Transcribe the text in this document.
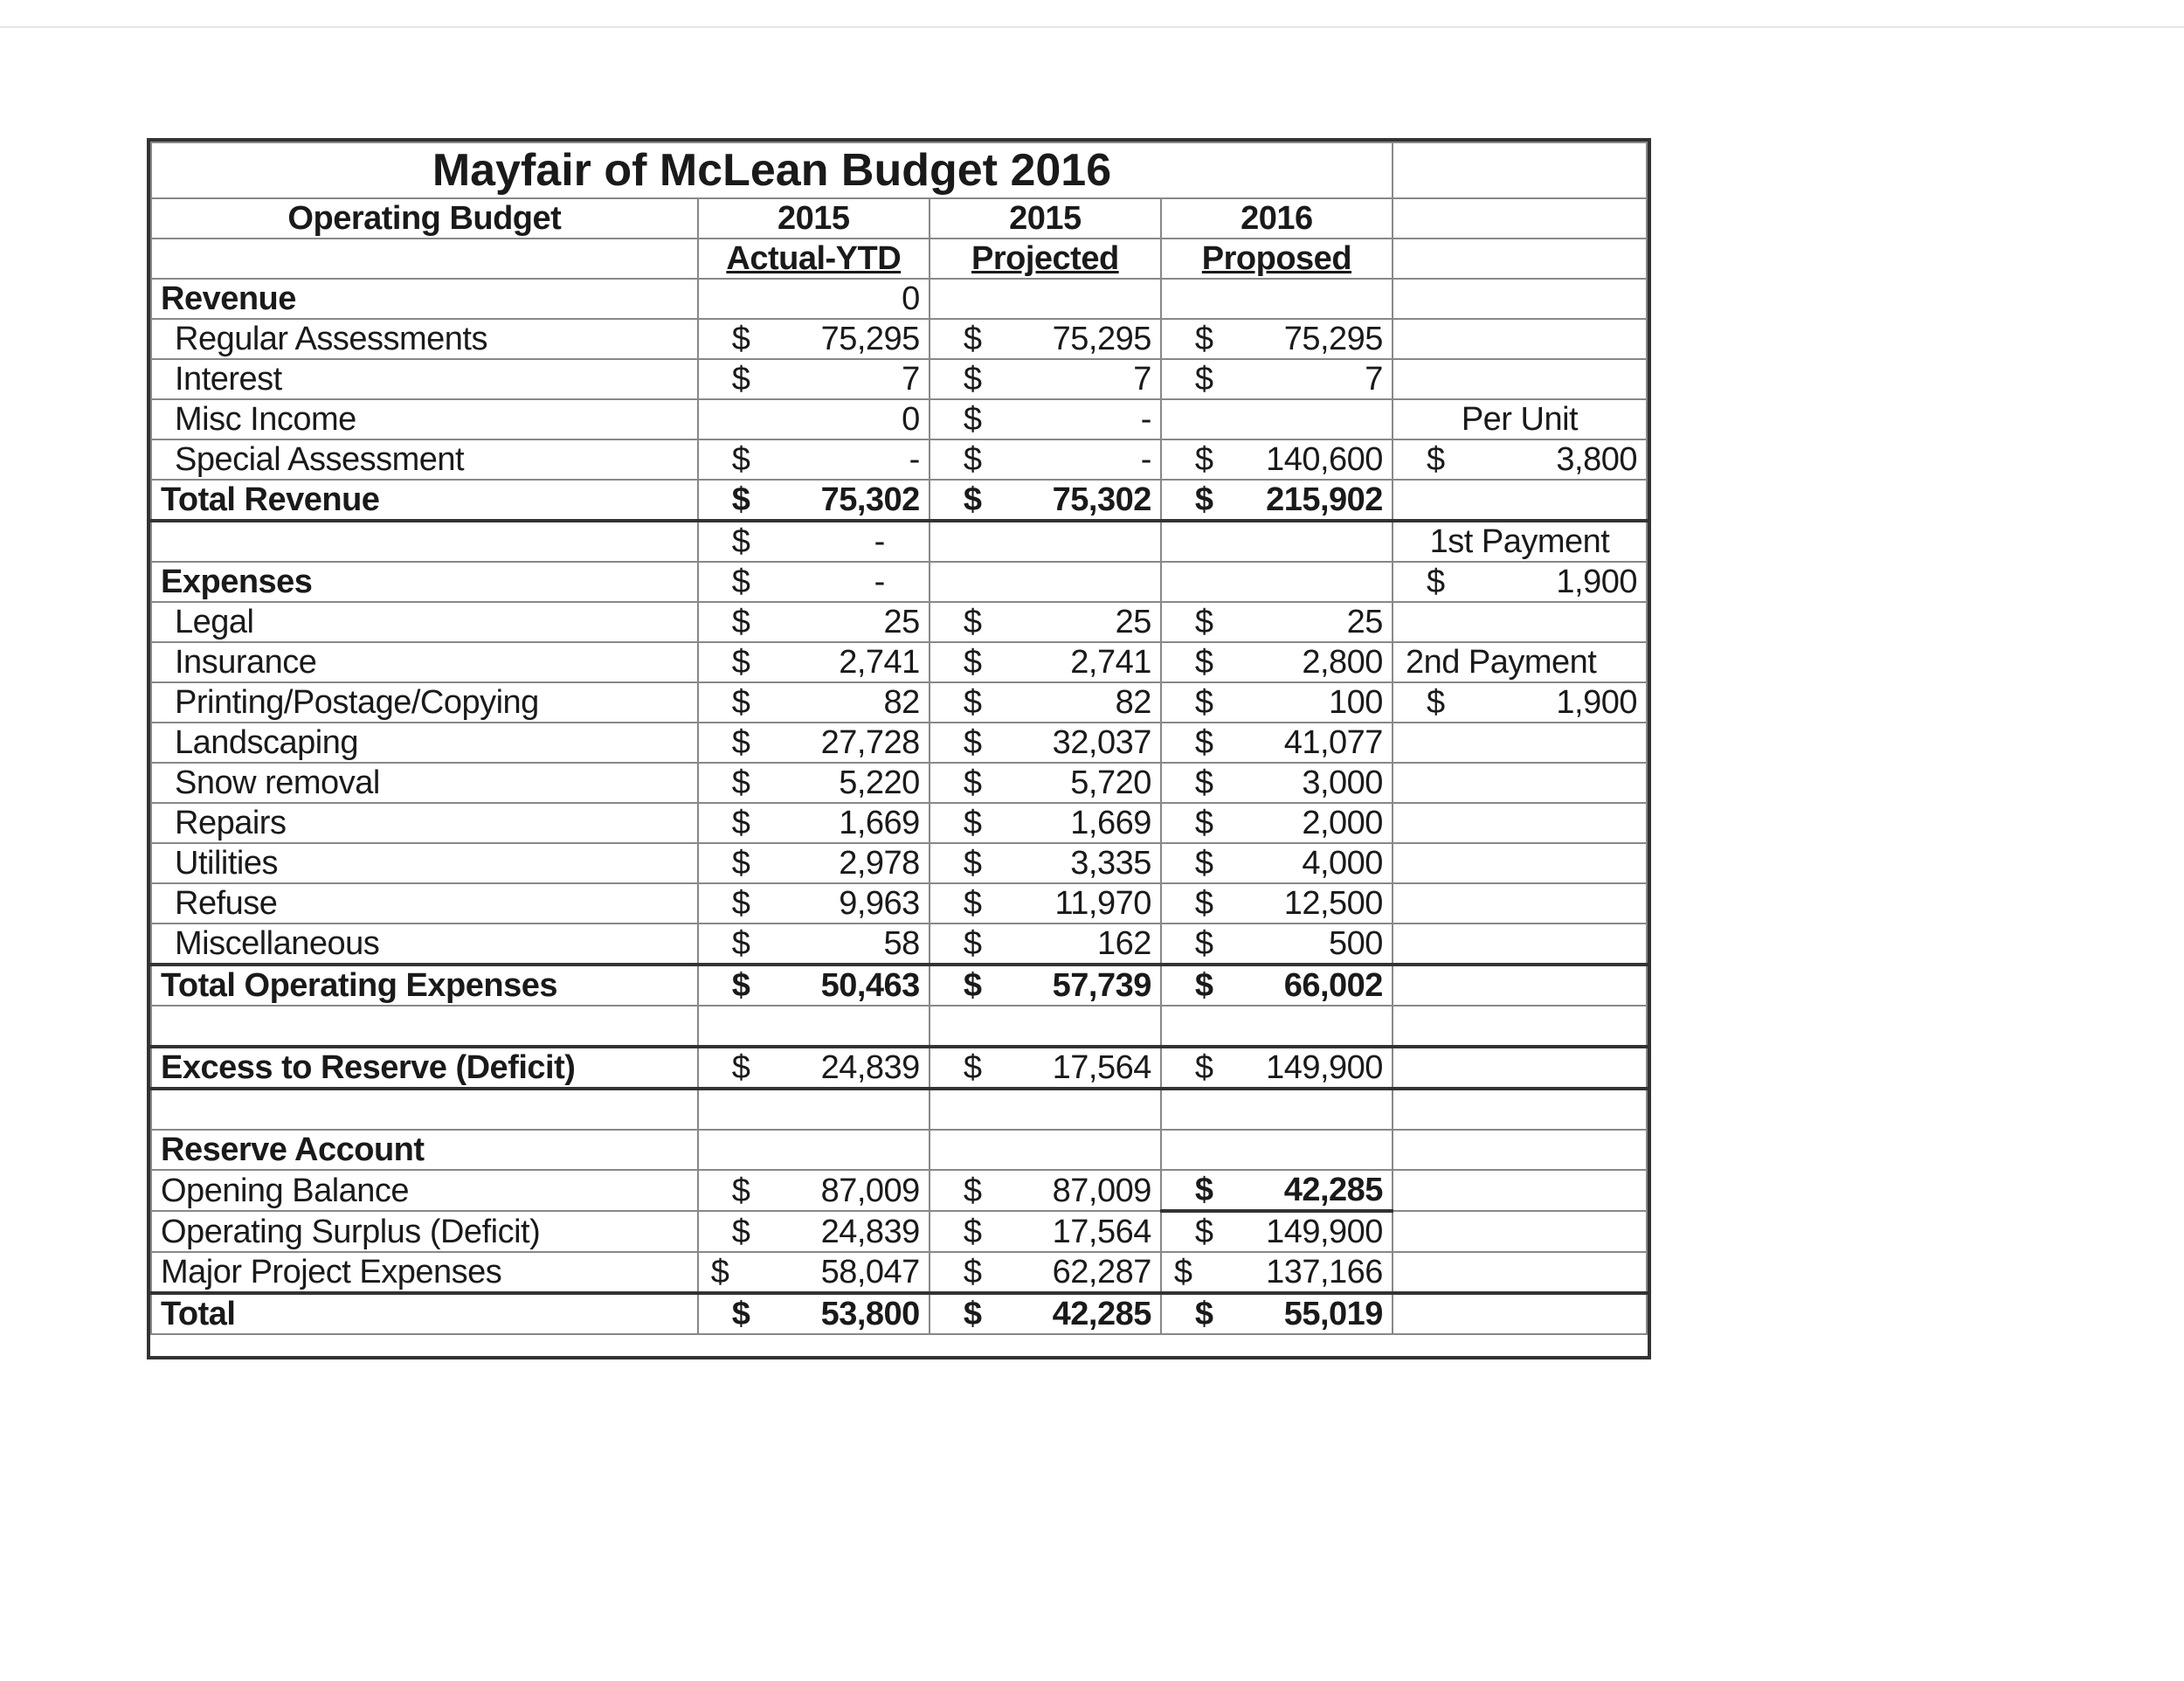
Mayfair of McLean Budget 2016				
Operating Budget	2015	2015	2016	
	Actual-YTD	Projected	Proposed	
Revenue	0			
Regular Assessments	$ 75,295	$ 75,295	$ 75,295	

Interest	$ 7	$ 7	$ 7	

Misc Income	0	$ -		Per Unit
Special Assessment	$ -	$ -	$ 140,600	$ 3,800

Total Revenue	$ 75,302	$ 75,302	$ 215,902	

	$ -			1st Payment
Expenses	$ -			$ 1,900

Legal	$ 25	$ 25	$ 25	

Insurance	$ 2,741	$ 2,741	$ 2,800	2nd Payment
Printing/Postage/Copying	$ 82	$ 82	$ 100	$ 1,900

Landscaping	$ 27,728	$ 32,037	$ 41,077	

Snow removal	$ 5,220	$ 5,720	$ 3,000	

Repairs	$ 1,669	$ 1,669	$ 2,000	

Utilities	$ 2,978	$ 3,335	$ 4,000	

Refuse	$ 9,963	$ 11,970	$ 12,500	

Miscellaneous	$ 58	$ 162	$ 500	

Total Operating Expenses	$ 50,463	$ 57,739	$ 66,002	

Excess to Reserve (Deficit)	$ 24,839	$ 17,564	$ 149,900	

Reserve Account				
Opening Balance	$ 87,009	$ 87,009	$ 42,285	

Operating Surplus (Deficit)	$ 24,839	$ 17,564	$ 149,900	

Major Project Expenses	$ 58,047	$ 62,287	$ 137,166	

Total	$ 53,800	$ 42,285	$ 55,019	
